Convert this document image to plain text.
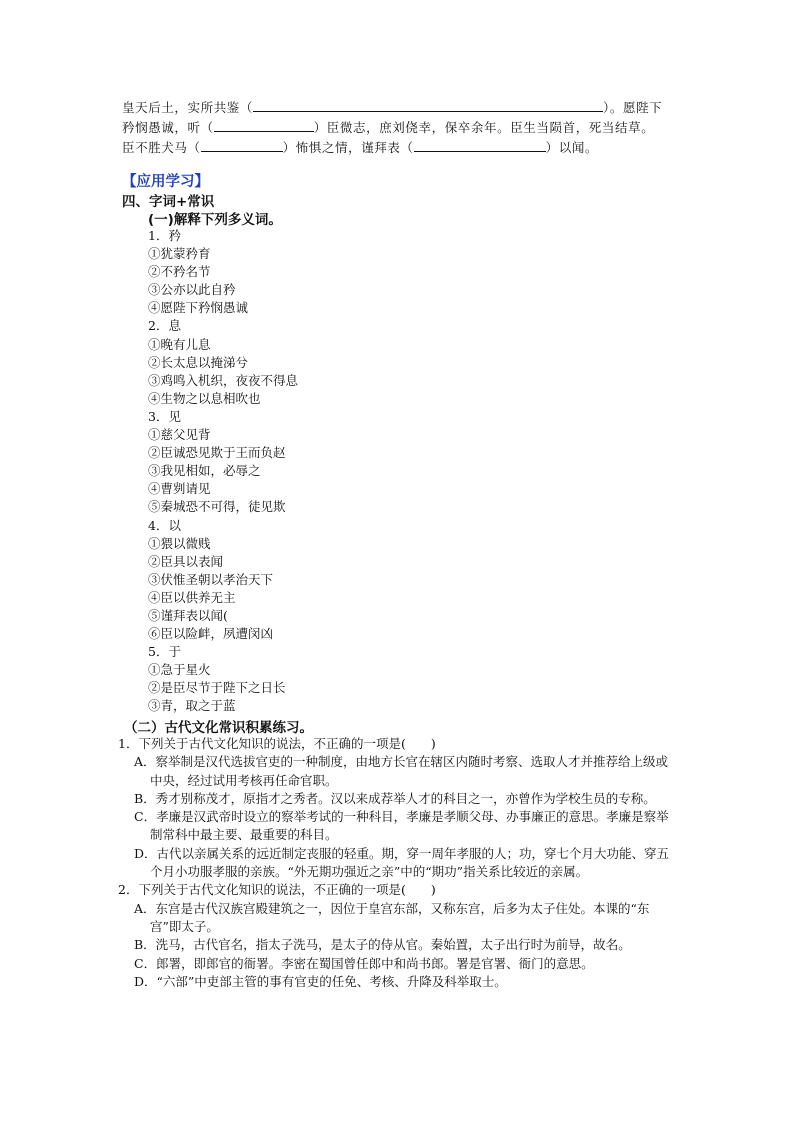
皇天后土，实所共鉴（	）。愿陛下
矜悯愚诚，听（	）臣微志，庶刘侥幸，保卒余年。臣生当陨首，死当结草。
臣不胜犬马（	）怖惧之情，谨拜表（	）以闻。
【应用学习】
四、字词+常识
(一)解释下列多义词。
1．矜
①犹蒙矜育
②不矜名节
③公亦以此自矜
④愿陛下矜悯愚诚
2．息
①晚有儿息
②长太息以掩涕兮
③鸡鸣入机织，夜夜不得息
④生物之以息相吹也
3．见
①慈父见背
②臣诚恐见欺于王而负赵
③我见相如，必辱之
④曹刿请见
⑤秦城恐不可得，徒见欺
4．以
①猥以微贱
②臣具以表闻
③伏惟圣朝以孝治天下
④臣以供养无主
⑤谨拜表以闻(
⑥臣以险衅，夙遭闵凶
5．于
①急于星火
②是臣尽节于陛下之日长
③青，取之于蓝
（二）古代文化常识积累练习。

1．下列关于古代文化知识的说法，不正确的一项是(　　)

A．察举制是汉代选拔官吏的一种制度，由地方长官在辖区内随时考察、选取人才并推荐给上级或中央，经过试用考核再任命官职。

B．秀才别称茂才，原指才之秀者。汉以来成荐举人才的科目之一，亦曾作为学校生员的专称。

C．孝廉是汉武帝时设立的察举考试的一种科目，孝廉是孝顺父母、办事廉正的意思。孝廉是察举制常科中最主要、最重要的科目。

D．古代以亲属关系的远近制定丧服的轻重。期，穿一周年孝服的人；功，穿七个月大功能、穿五个月小功服孝服的亲族。“外无期功强近之亲”中的“期功”指关系比较近的亲属。

2．下列关于古代文化知识的说法，不正确的一项是(　　)

A．东宫是古代汉族宫殿建筑之一，因位于皇宫东部，又称东宫，后多为太子住处。本课的“东宫”即太子。

B．洗马，古代官名，指太子洗马，是太子的侍从官。秦始置，太子出行时为前导，故名。

C．郎署，即郎官的衙署。李密在蜀国曾任郎中和尚书郎。署是官署、衙门的意思。

D．“六部”中吏部主管的事有官吏的任免、考核、升降及科举取士。
